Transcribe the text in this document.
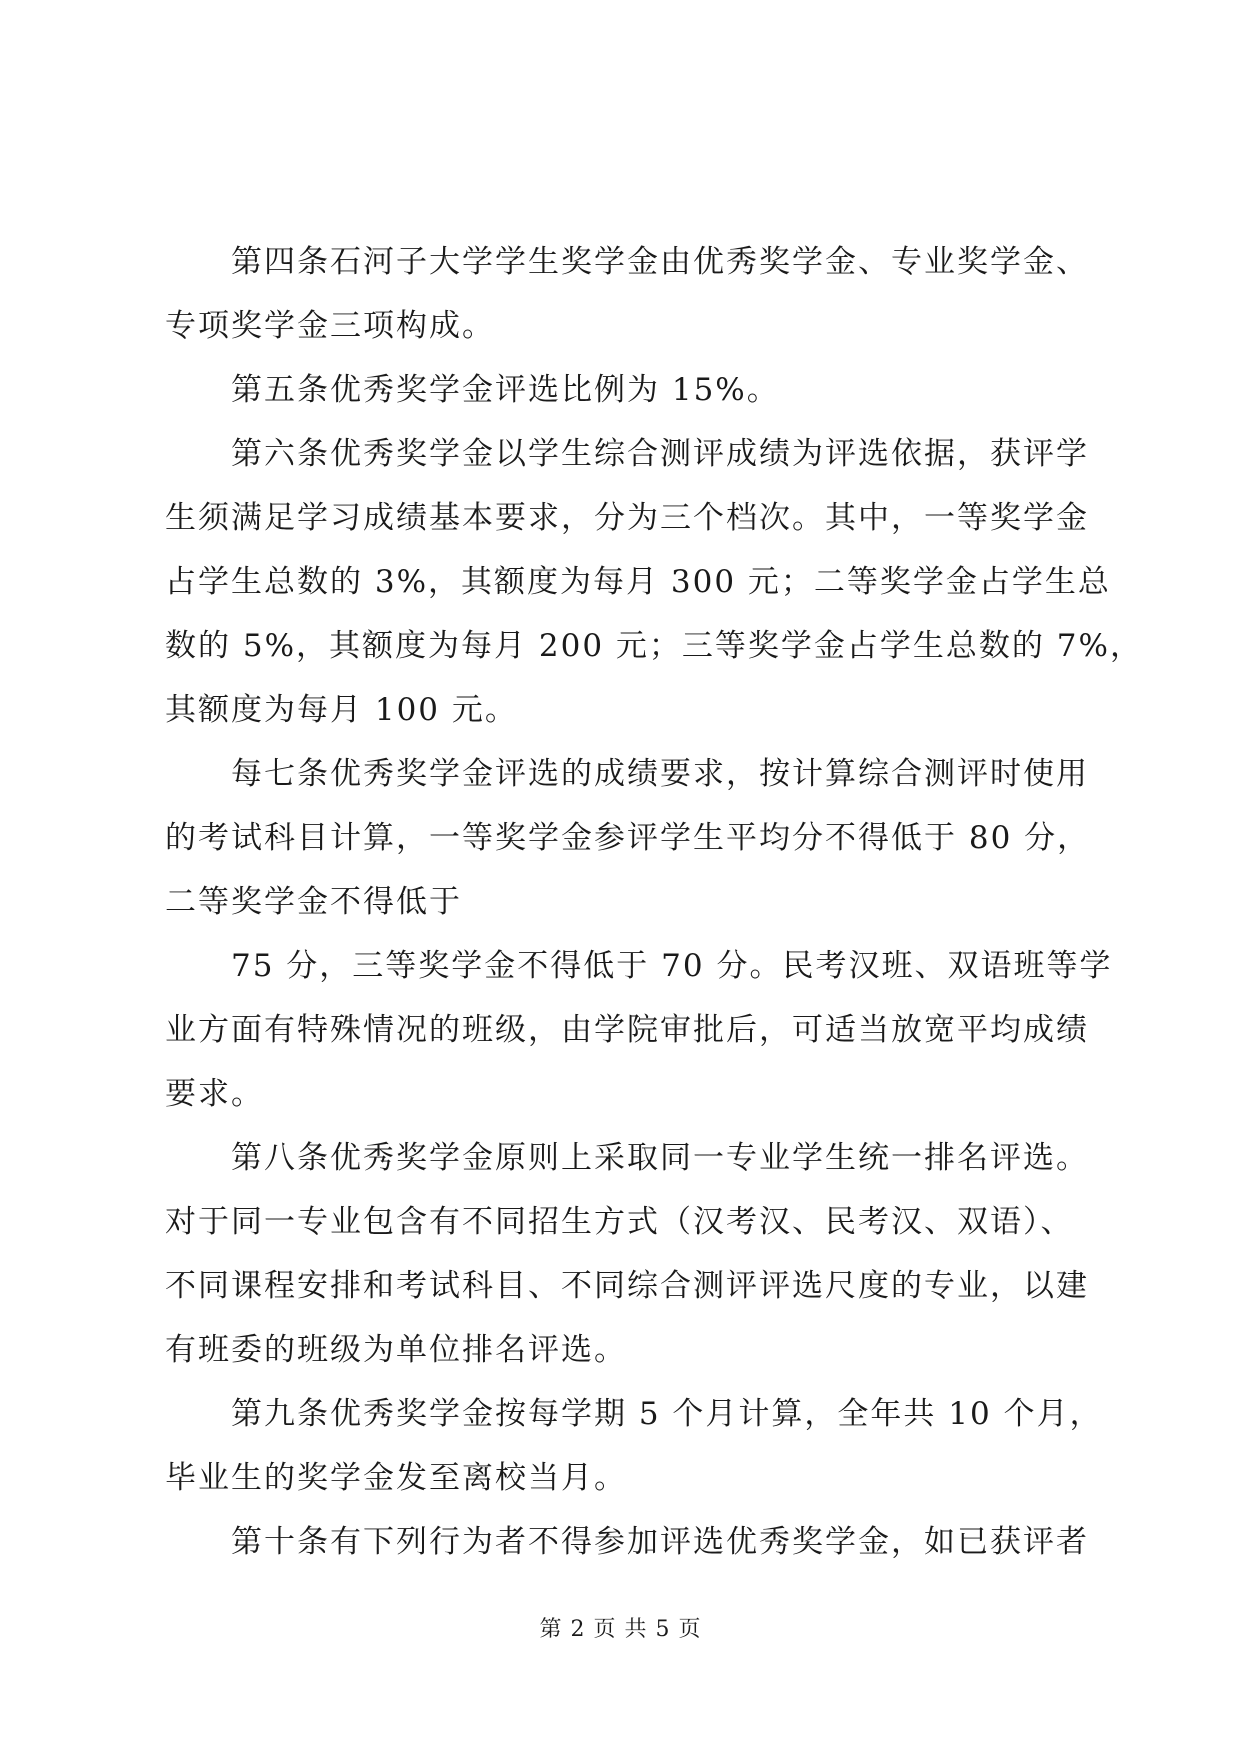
第四条石河子大学学生奖学金由优秀奖学金、专业奖学金、
专项奖学金三项构成。
第五条优秀奖学金评选比例为 15%。
第六条优秀奖学金以学生综合测评成绩为评选依据，获评学
生须满足学习成绩基本要求，分为三个档次。其中，一等奖学金
占学生总数的 3%，其额度为每月 300 元；二等奖学金占学生总
数的 5%，其额度为每月 200 元；三等奖学金占学生总数的 7%，
其额度为每月 100 元。
每七条优秀奖学金评选的成绩要求，按计算综合测评时使用
的考试科目计算，一等奖学金参评学生平均分不得低于 80 分，
二等奖学金不得低于
75 分，三等奖学金不得低于 70 分。民考汉班、双语班等学
业方面有特殊情况的班级，由学院审批后，可适当放宽平均成绩
要求。
第八条优秀奖学金原则上采取同一专业学生统一排名评选。
对于同一专业包含有不同招生方式（汉考汉、民考汉、双语）、
不同课程安排和考试科目、不同综合测评评选尺度的专业，以建
有班委的班级为单位排名评选。
第九条优秀奖学金按每学期 5 个月计算，全年共 10 个月，
毕业生的奖学金发至离校当月。
第十条有下列行为者不得参加评选优秀奖学金，如已获评者
第 2 页 共 5 页
